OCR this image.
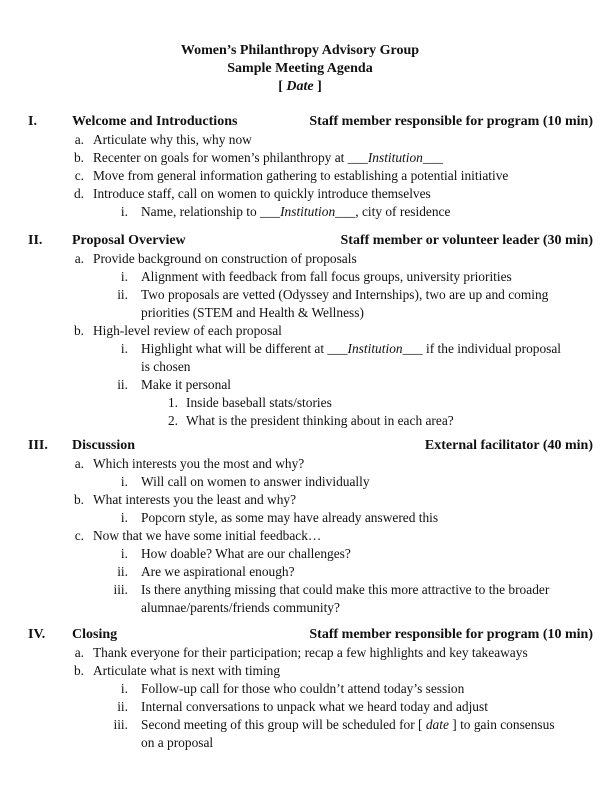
Women’s Philanthropy Advisory Group
Sample Meeting Agenda
[ Date ]
I.	Welcome and Introductions	Staff member responsible for program (10 min)
a. Articulate why this, why now
b. Recenter on goals for women’s philanthropy at ___Institution___
c. Move from general information gathering to establishing a potential initiative
d. Introduce staff, call on women to quickly introduce themselves
i. Name, relationship to ___Institution___, city of residence
II. Proposal Overview	Staff member or volunteer leader (30 min)
a. Provide background on construction of proposals
i. Alignment with feedback from fall focus groups, university priorities
ii. Two proposals are vetted (Odyssey and Internships), two are up and coming
priorities (STEM and Health & Wellness)
b. High-level review of each proposal
i. Highlight what will be different at ___Institution___ if the individual proposal
is chosen
ii. Make it personal
1. Inside baseball stats/stories
2. What is the president thinking about in each area?
III. Discussion	External facilitator (40 min)
a. Which interests you the most and why?
i. Will call on women to answer individually
b. What interests you the least and why?
i. Popcorn style, as some may have already answered this
c. Now that we have some initial feedback…
i. How doable? What are our challenges?
ii. Are we aspirational enough?
iii. Is there anything missing that could make this more attractive to the broader
alumnae/parents/friends community?
IV. Closing	Staff member responsible for program (10 min)
a. Thank everyone for their participation; recap a few highlights and key takeaways
b. Articulate what is next with timing
i. Follow-up call for those who couldn’t attend today’s session
ii. Internal conversations to unpack what we heard today and adjust
iii. Second meeting of this group will be scheduled for [ date ] to gain consensus
on a proposal
